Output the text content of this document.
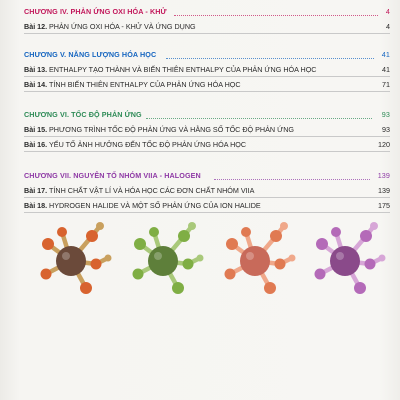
CHƯƠNG IV. PHẢN ỨNG OXI HÓA - KHỬ	4
Bài 12. PHẢN ỨNG OXI HÓA - KHỬ VÀ ỨNG DỤNG	4
CHƯƠNG V. NĂNG LƯỢNG HÓA HỌC	41
Bài 13. ENTHALPY TẠO THÀNH VÀ BIẾN THIÊN ENTHALPY CỦA PHẢN ỨNG HÓA HỌC	41
Bài 14. TÍNH BIẾN THIÊN ENTHALPY CỦA PHẢN ỨNG HÓA HỌC	71
CHƯƠNG VI. TỐC ĐỘ PHẢN ỨNG	93
Bài 15. PHƯƠNG TRÌNH TỐC ĐỘ PHẢN ỨNG VÀ HẰNG SỐ TỐC ĐỘ PHẢN ỨNG	93
Bài 16. YẾU TỐ ẢNH HƯỞNG ĐẾN TỐC ĐỘ PHẢN ỨNG HÓA HỌC	120
CHƯƠNG VII. NGUYÊN TỐ NHÓM VIIA - HALOGEN	139
Bài 17. TÍNH CHẤT VẬT LÍ VÀ HÓA HỌC CÁC ĐƠN CHẤT NHÓM VIIA	139
Bài 18. HYDROGEN HALIDE VÀ MỘT SỐ PHẢN ỨNG CỦA ION HALIDE	175
